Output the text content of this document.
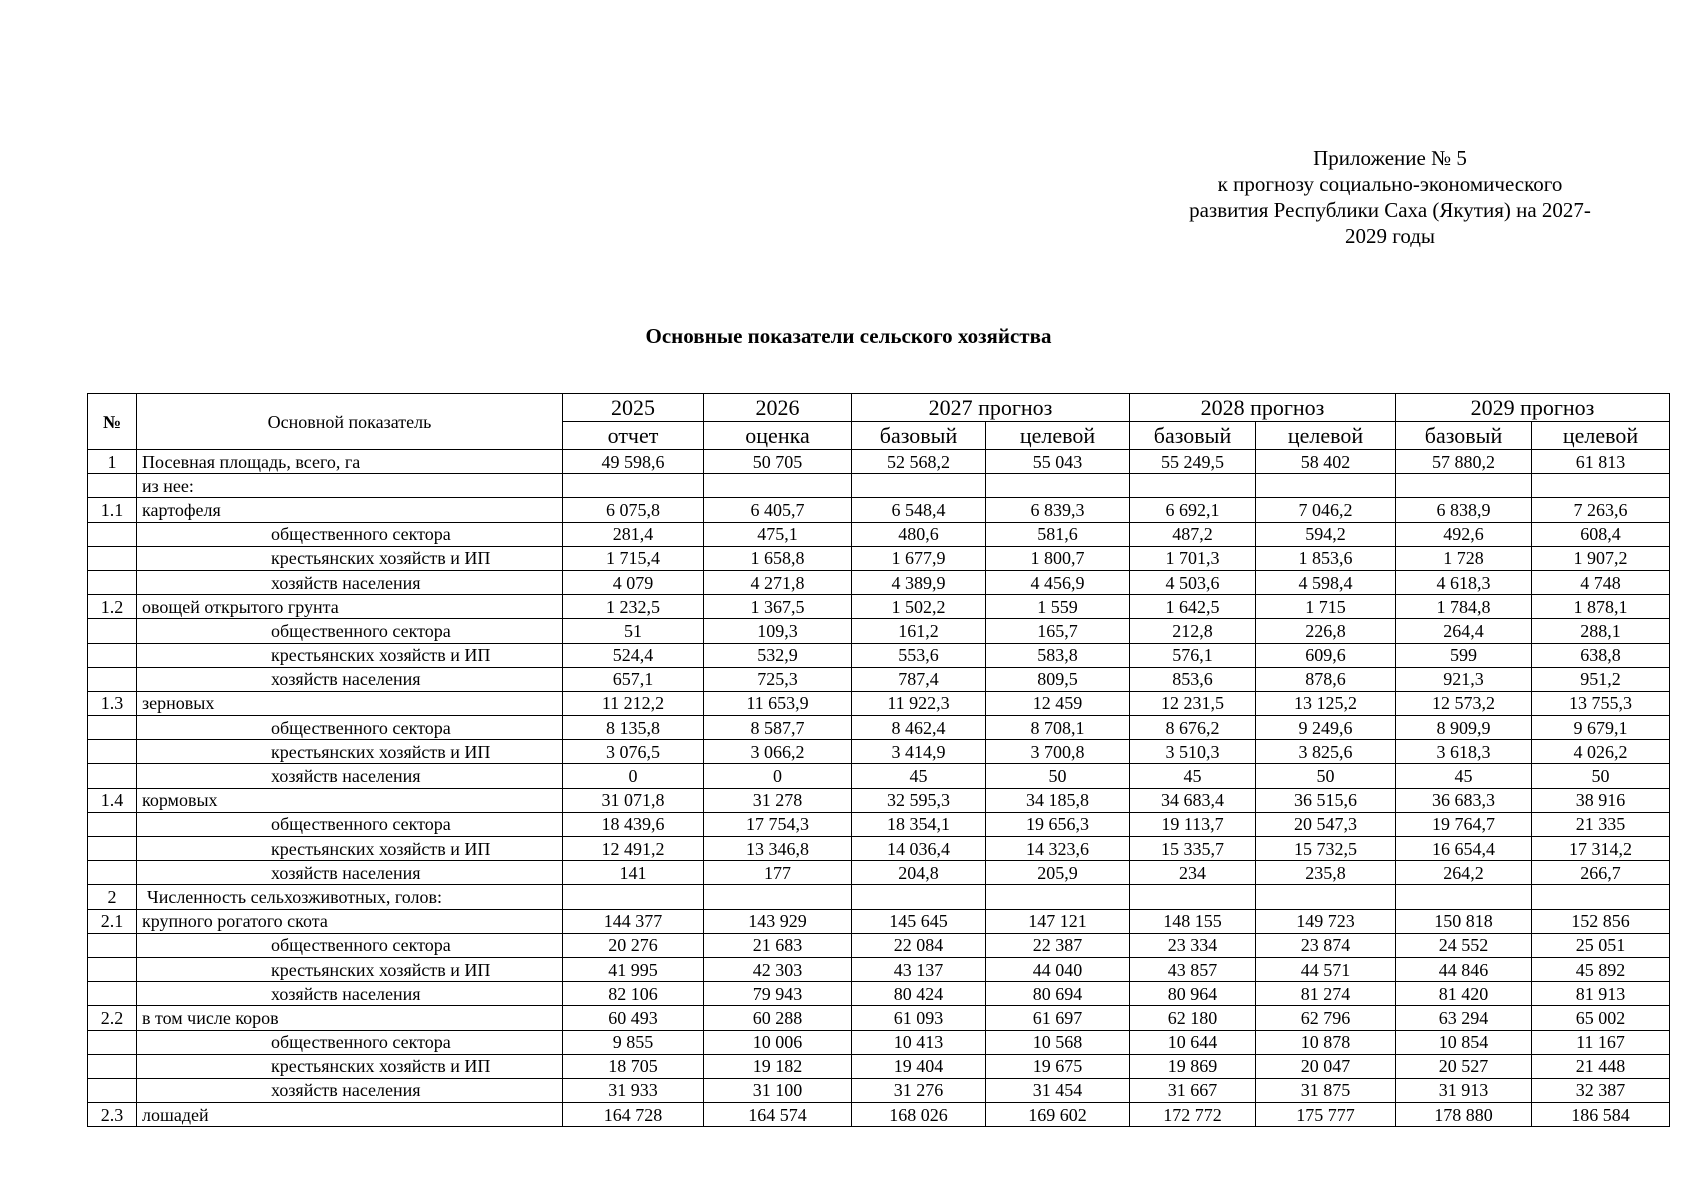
Приложение № 5
к прогнозу социально-экономического
развития Республики Саха (Якутия) на 2027-
2029 годы
Основные показатели сельского хозяйства
№	Основной показатель	2025	2026	2027 прогноз		2028 прогноз		2029 прогноз	
		отчет	оценка	базовый	целевой	базовый	целевой	базовый	целевой
1	Посевная площадь, всего, га	49 598,6	50 705	52 568,2	55 043	55 249,5	58 402	57 880,2	61 813
	из нее:								
1.1	картофеля	6 075,8	6 405,7	6 548,4	6 839,3	6 692,1	7 046,2	6 838,9	7 263,6
	общественного сектора	281,4	475,1	480,6	581,6	487,2	594,2	492,6	608,4
	крестьянских хозяйств и ИП	1 715,4	1 658,8	1 677,9	1 800,7	1 701,3	1 853,6	1 728	1 907,2
	хозяйств населения	4 079	4 271,8	4 389,9	4 456,9	4 503,6	4 598,4	4 618,3	4 748
1.2	овощей открытого грунта	1 232,5	1 367,5	1 502,2	1 559	1 642,5	1 715	1 784,8	1 878,1
	общественного сектора	51	109,3	161,2	165,7	212,8	226,8	264,4	288,1
	крестьянских хозяйств и ИП	524,4	532,9	553,6	583,8	576,1	609,6	599	638,8
	хозяйств населения	657,1	725,3	787,4	809,5	853,6	878,6	921,3	951,2
1.3	зерновых	11 212,2	11 653,9	11 922,3	12 459	12 231,5	13 125,2	12 573,2	13 755,3
	общественного сектора	8 135,8	8 587,7	8 462,4	8 708,1	8 676,2	9 249,6	8 909,9	9 679,1
	крестьянских хозяйств и ИП	3 076,5	3 066,2	3 414,9	3 700,8	3 510,3	3 825,6	3 618,3	4 026,2
	хозяйств населения	0	0	45	50	45	50	45	50
1.4	кормовых	31 071,8	31 278	32 595,3	34 185,8	34 683,4	36 515,6	36 683,3	38 916
	общественного сектора	18 439,6	17 754,3	18 354,1	19 656,3	19 113,7	20 547,3	19 764,7	21 335
	крестьянских хозяйств и ИП	12 491,2	13 346,8	14 036,4	14 323,6	15 335,7	15 732,5	16 654,4	17 314,2
	хозяйств населения	141	177	204,8	205,9	234	235,8	264,2	266,7
2	Численность сельхозживотных, голов:								
2.1	крупного рогатого скота	144 377	143 929	145 645	147 121	148 155	149 723	150 818	152 856
	общественного сектора	20 276	21 683	22 084	22 387	23 334	23 874	24 552	25 051
	крестьянских хозяйств и ИП	41 995	42 303	43 137	44 040	43 857	44 571	44 846	45 892
	хозяйств населения	82 106	79 943	80 424	80 694	80 964	81 274	81 420	81 913
2.2	в том числе коров	60 493	60 288	61 093	61 697	62 180	62 796	63 294	65 002
	общественного сектора	9 855	10 006	10 413	10 568	10 644	10 878	10 854	11 167
	крестьянских хозяйств и ИП	18 705	19 182	19 404	19 675	19 869	20 047	20 527	21 448
	хозяйств населения	31 933	31 100	31 276	31 454	31 667	31 875	31 913	32 387
2.3	лошадей	164 728	164 574	168 026	169 602	172 772	175 777	178 880	186 584
